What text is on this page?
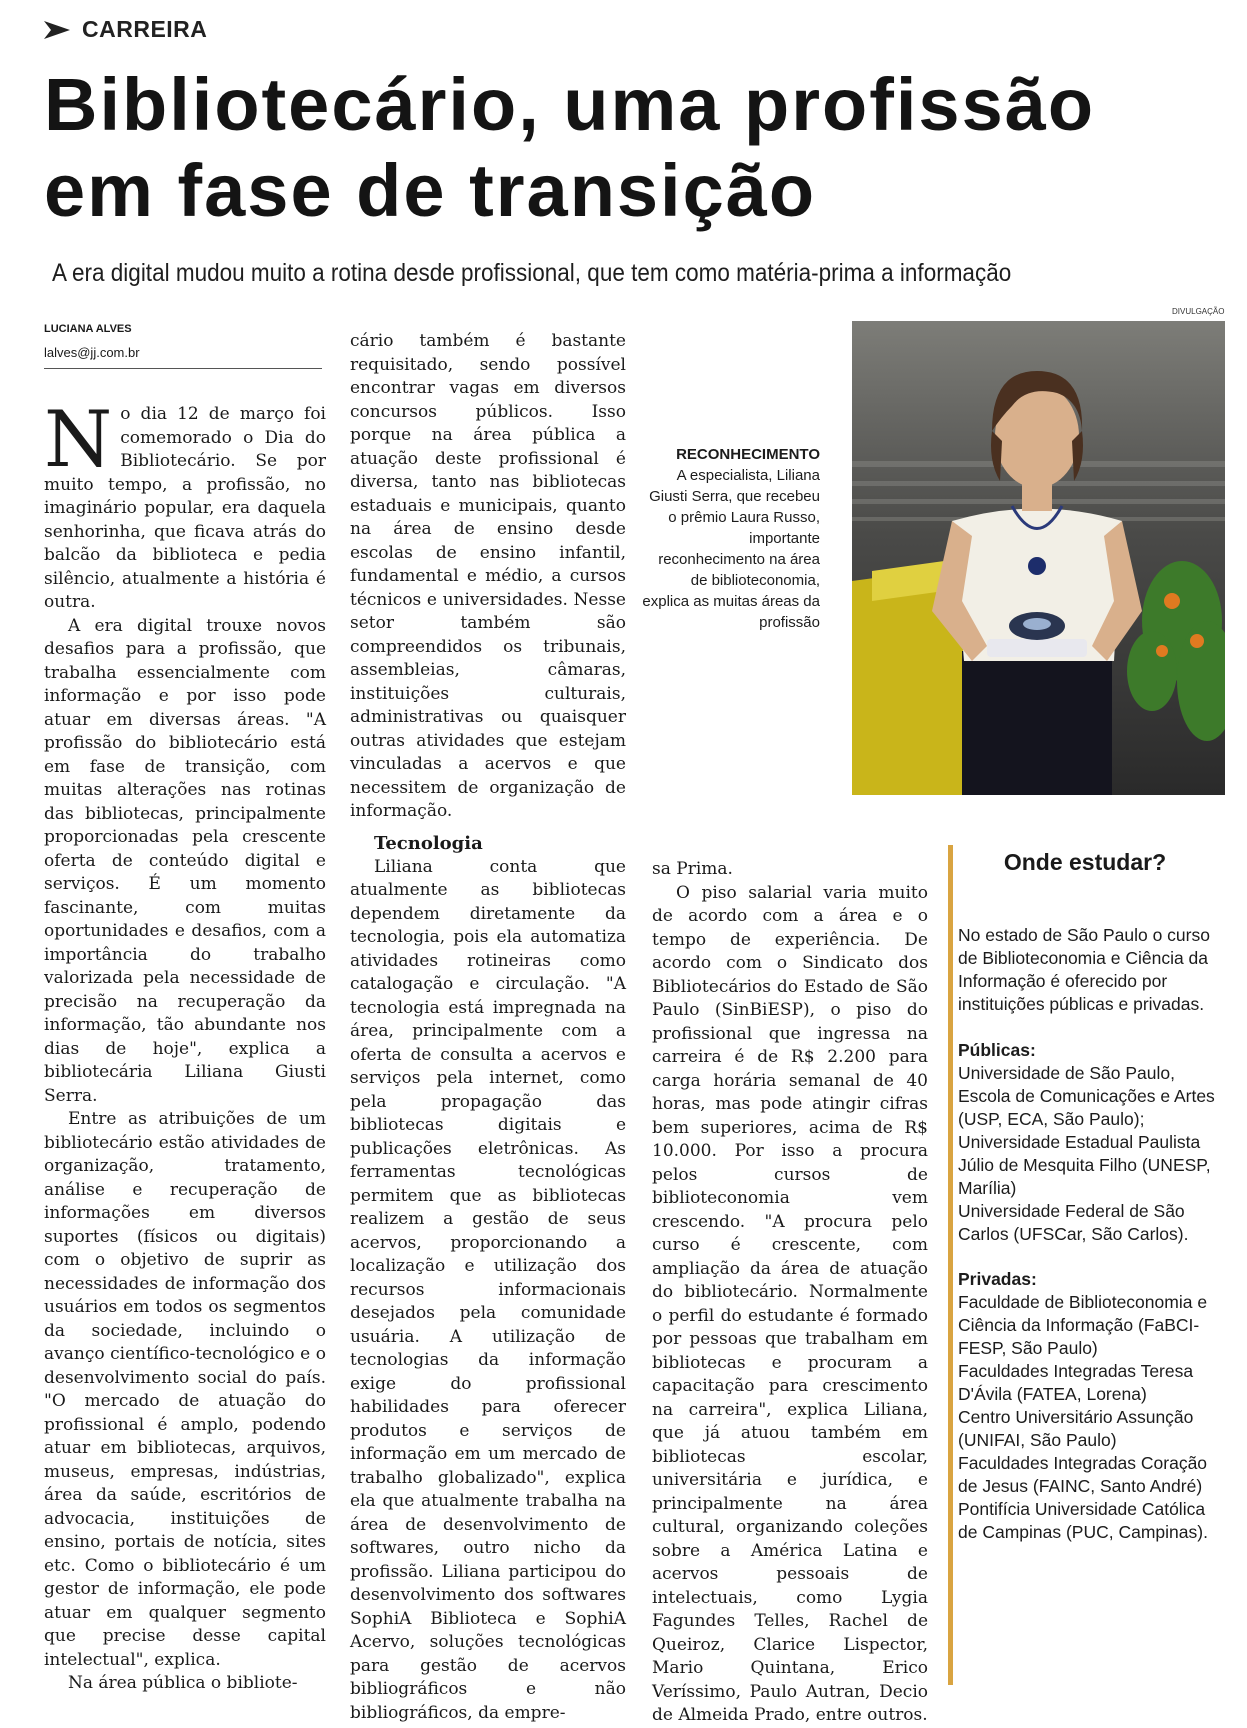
CARREIRA
Bibliotecário, uma profissão em fase de transição
A era digital mudou muito a rotina desde profissional, que tem como matéria-prima a informação
LUCIANA ALVES
lalves@jj.com.br

No dia 12 de março foi comemorado o Dia do Bibliotecário. Se por muito tempo, a profissão, no imaginário popular, era daquela senhorinha, que ficava atrás do balcão da biblioteca e pedia silêncio, atualmente a história é outra.

A era digital trouxe novos desafios para a profissão, que trabalha essencialmente com informação e por isso pode atuar em diversas áreas. "A profissão do bibliotecário está em fase de transição, com muitas alterações nas rotinas das bibliotecas, principalmente proporcionadas pela crescente oferta de conteúdo digital e serviços. É um momento fascinante, com muitas oportunidades e desafios, com a importância do trabalho valorizada pela necessidade de precisão na recuperação da informação, tão abundante nos dias de hoje", explica a bibliotecária Liliana Giusti Serra.

Entre as atribuições de um bibliotecário estão atividades de organização, tratamento, análise e recuperação de informações em diversos suportes (físicos ou digitais) com o objetivo de suprir as necessidades de informação dos usuários em todos os segmentos da sociedade, incluindo o avanço científico-tecnológico e o desenvolvimento social do país. "O mercado de atuação do profissional é amplo, podendo atuar em bibliotecas, arquivos, museus, empresas, indústrias, área da saúde, escritórios de advocacia, instituições de ensino, portais de notícia, sites etc. Como o bibliotecário é um gestor de informação, ele pode atuar em qualquer segmento que precise desse capital intelectual", explica.

Na área pública o bibliote-

cário também é bastante requisitado, sendo possível encontrar vagas em diversos concursos públicos. Isso porque na área pública a atuação deste profissional é diversa, tanto nas bibliotecas estaduais e municipais, quanto na área de ensino desde escolas de ensino infantil, fundamental e médio, a cursos técnicos e universidades. Nesse setor também são compreendidos os tribunais, assembleias, câmaras, instituições culturais, administrativas ou quaisquer outras atividades que estejam vinculadas a acervos e que necessitem de organização de informação.

Tecnologia

Liliana conta que atualmente as bibliotecas dependem diretamente da tecnologia, pois ela automatiza atividades rotineiras como catalogação e circulação. "A tecnologia está impregnada na área, principalmente com a oferta de consulta a acervos e serviços pela internet, como pela propagação das bibliotecas digitais e publicações eletrônicas. As ferramentas tecnológicas permitem que as bibliotecas realizem a gestão de seus acervos, proporcionando a localização e utilização dos recursos informacionais desejados pela comunidade usuária. A utilização de tecnologias da informação exige do profissional habilidades para oferecer produtos e serviços de informação em um mercado de trabalho globalizado", explica ela que atualmente trabalha na área de desenvolvimento de softwares, outro nicho da profissão. Liliana participou do desenvolvimento dos softwares SophiA Biblioteca e SophiA Acervo, soluções tecnológicas para gestão de acervos bibliográficos e não bibliográficos, da empre-

sa Prima.

O piso salarial varia muito de acordo com a área e o tempo de experiência. De acordo com o Sindicato dos Bibliotecários do Estado de São Paulo (SinBiESP), o piso do profissional que ingressa na carreira é de R$ 2.200 para carga horária semanal de 40 horas, mas pode atingir cifras bem superiores, acima de R$ 10.000. Por isso a procura pelos cursos de biblioteconomia vem crescendo. "A procura pelo curso é crescente, com ampliação da área de atuação do bibliotecário. Normalmente o perfil do estudante é formado por pessoas que trabalham em bibliotecas e procuram a capacitação para crescimento na carreira", explica Liliana, que já atuou também em bibliotecas escolar, universitária e jurídica, e principalmente na área cultural, organizando coleções sobre a América Latina e acervos pessoais de intelectuais, como Lygia Fagundes Telles, Rachel de Queiroz, Clarice Lispector, Mario Quintana, Erico Veríssimo, Paulo Autran, Decio de Almeida Prado, entre outros.

DIVULGAÇÃO
RECONHECIMENTO
A especialista, Liliana Giusti Serra, que recebeu o prêmio Laura Russo, importante reconhecimento na área de biblioteconomia, explica as muitas áreas da profissão
Onde estudar?

No estado de São Paulo o curso de Biblioteconomia e Ciência da Informação é oferecido por instituições públicas e privadas.

Públicas:
Universidade de São Paulo, Escola de Comunicações e Artes (USP, ECA, São Paulo);
Universidade Estadual Paulista Júlio de Mesquita Filho (UNESP, Marília)
Universidade Federal de São Carlos (UFSCar, São Carlos).
Privadas:
Faculdade de Biblioteconomia e Ciência da Informação (FaBCI-FESP, São Paulo)
Faculdades Integradas Teresa D'Ávila (FATEA, Lorena)
Centro Universitário Assunção (UNIFAI, São Paulo)
Faculdades Integradas Coração de Jesus (FAINC, Santo André)
Pontifícia Universidade Católica de Campinas (PUC, Campinas).
